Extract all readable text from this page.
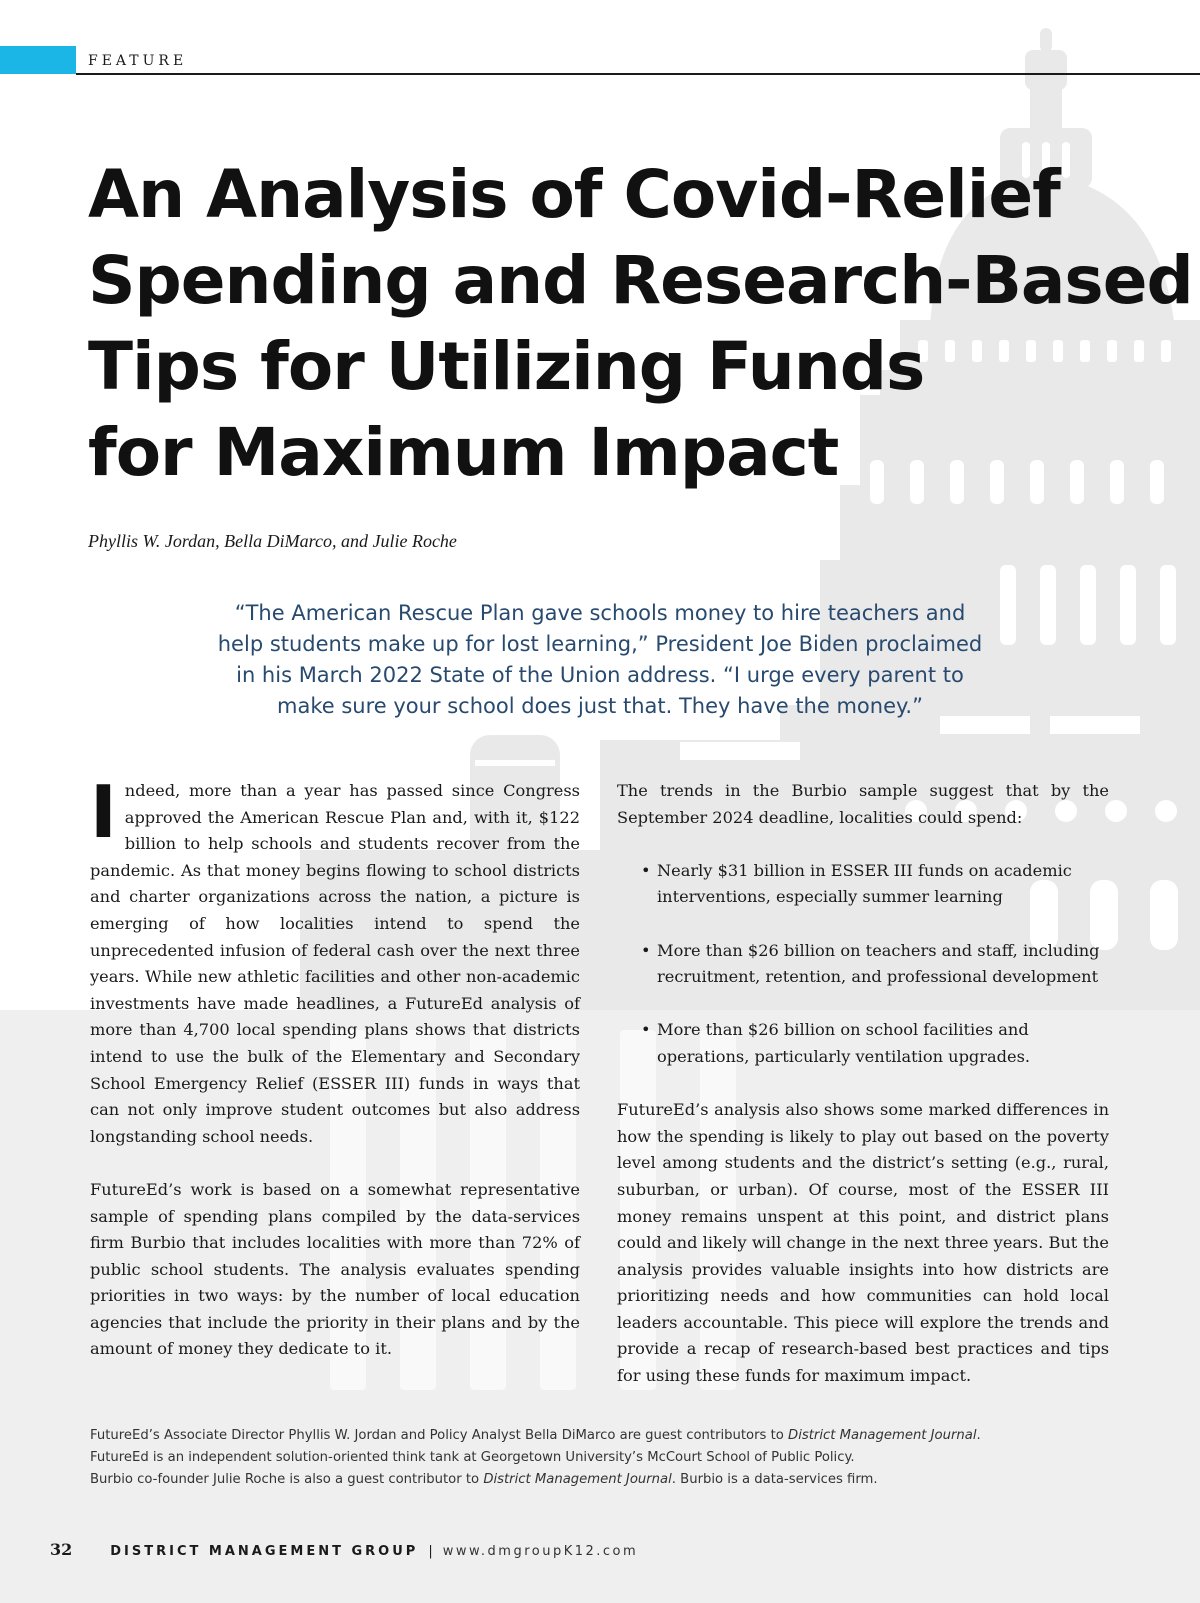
FEATURE
An Analysis of Covid-Relief
Spending and Research-Based
Tips for Utilizing Funds
for Maximum Impact
Phyllis W. Jordan, Bella DiMarco, and Julie Roche
“The American Rescue Plan gave schools money to hire teachers and
help students make up for lost learning,” President Joe Biden proclaimed
in his March 2022 State of the Union address. “I urge every parent to
make sure your school does just that. They have the money.”

Indeed, more than a year has passed since Congress approved the American Rescue Plan and, with it, $122 billion to help schools and students recover from the pandemic. As that money begins flowing to school districts and charter organizations across the nation, a picture is emerging of how localities intend to spend the unprecedented infusion of federal cash over the next three years. While new athletic facilities and other non-academic investments have made headlines, a FutureEd analysis of more than 4,700 local spending plans shows that districts intend to use the bulk of the Elementary and Secondary School Emergency Relief (ESSER III) funds in ways that can not only improve student outcomes but also address longstanding school needs.

FutureEd’s work is based on a somewhat representative sample of spending plans compiled by the data-services firm Burbio that includes localities with more than 72% of public school students. The analysis evaluates spending priorities in two ways: by the number of local education agencies that include the priority in their plans and by the amount of money they dedicate to it.

The trends in the Burbio sample suggest that by the September 2024 deadline, localities could spend:

• Nearly $31 billion in ESSER III funds on academic interventions, especially summer learning
• More than $26 billion on teachers and staff, including recruitment, retention, and professional development
• More than $26 billion on school facilities and operations, particularly ventilation upgrades.

FutureEd’s analysis also shows some marked differences in how the spending is likely to play out based on the poverty level among students and the district’s setting (e.g., rural, suburban, or urban). Of course, most of the ESSER III money remains unspent at this point, and district plans could and likely will change in the next three years. But the analysis provides valuable insights into how districts are prioritizing needs and how communities can hold local leaders accountable. This piece will explore the trends and provide a recap of research-based best practices and tips for using these funds for maximum impact.

FutureEd’s Associate Director Phyllis W. Jordan and Policy Analyst Bella DiMarco are guest contributors to District Management Journal.
FutureEd is an independent solution-oriented think tank at Georgetown University’s McCourt School of Public Policy.
Burbio co-founder Julie Roche is also a guest contributor to District Management Journal. Burbio is a data-services firm.
32	DISTRICT MANAGEMENT GROUP | www.dmgroupK12.com
